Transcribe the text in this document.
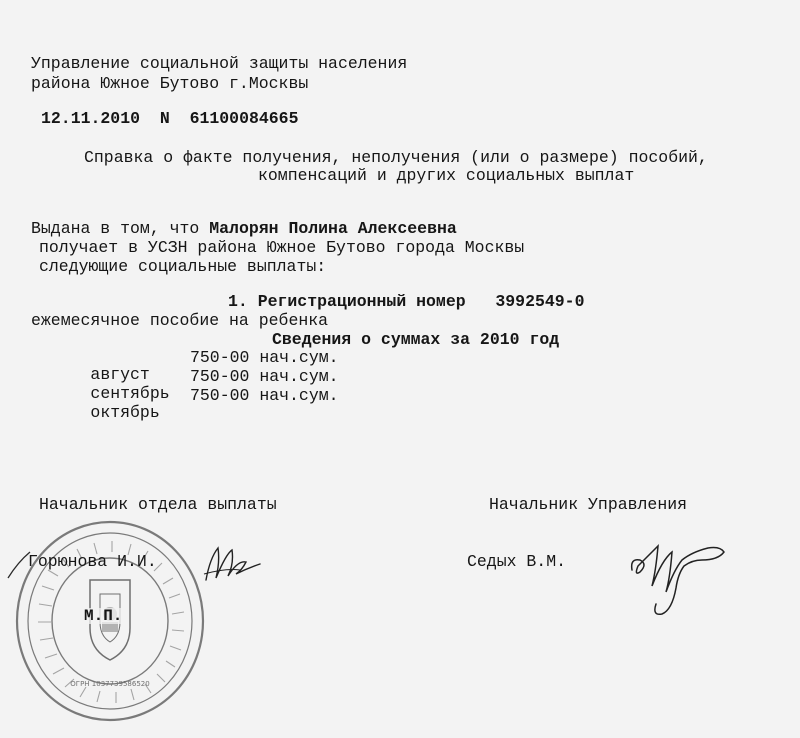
Управление социальной защиты населения
района Южное Бутово г.Москвы
12.11.2010 N 61100084665
Справка о факте получения, неполучения (или о размере) пособий,
компенсаций и других социальных выплат
Выдана в том, что Малорян Полина Алексеевна
получает в УСЗН района Южное Бутово города Москвы
следующие социальные выплаты:
1. Регистрационный номер 3992549-0
ежемесячное пособие на ребенка
Сведения о суммах за 2010 год

август

750-00 нач.сум.

сентябрь

750-00 нач.сум.

октябрь

750-00 нач.сум.
Начальник отдела выплаты	Начальник Управления
ОГРН 1037739586520
М.П.
Горюнова И.И.	Седых В.М.
